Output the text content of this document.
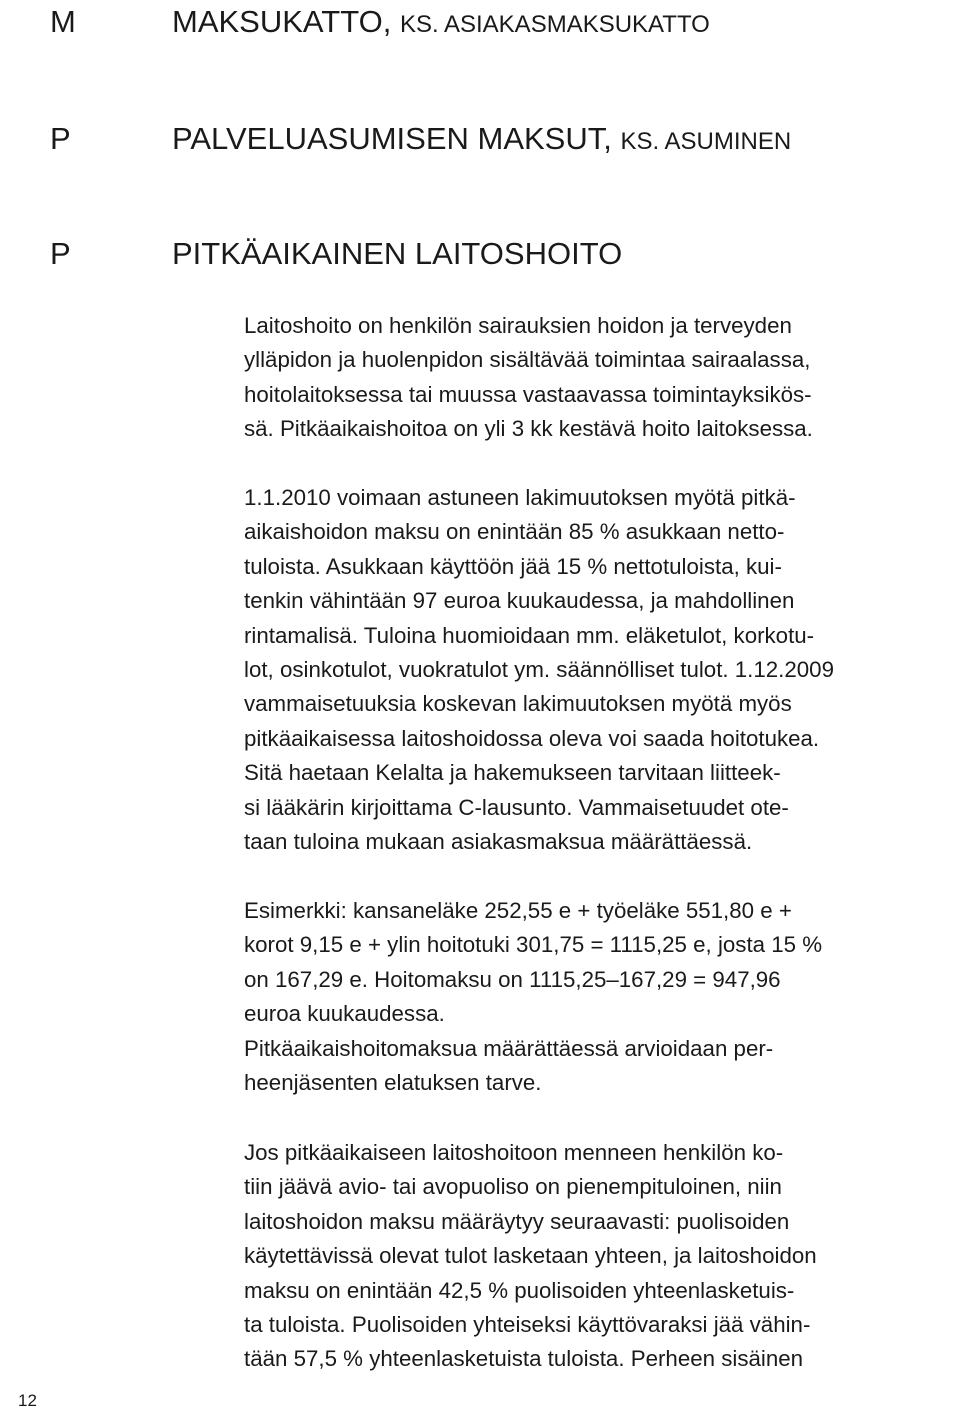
M
P
P
MAKSUKATTO, KS. ASIAKASMAKSUKATTO
PALVELUASUMISEN MAKSUT, KS. ASUMINEN
PITKÄAIKAINEN LAITOSHOITO
Laitoshoito on henkilön sairauksien hoidon ja terveyden
ylläpidon ja huolenpidon sisältävää toimintaa sairaalassa,
hoitolaitoksessa tai muussa vastaavassa toimintayksikös-
sä. Pitkäaikaishoitoa on yli 3 kk kestävä hoito laitoksessa.
1.1.2010 voimaan astuneen lakimuutoksen myötä pitkä-
aikaishoidon maksu on enintään 85 % asukkaan netto-
tuloista. Asukkaan käyttöön jää 15 % nettotuloista, kui-
tenkin vähintään 97 euroa kuukaudessa, ja mahdollinen
rintamalisä. Tuloina huomioidaan mm. eläketulot, korkotu-
lot, osinkotulot, vuokratulot ym. säännölliset tulot. 1.12.2009
vammaisetuuksia koskevan lakimuutoksen myötä myös
pitkäaikaisessa laitoshoidossa oleva voi saada hoitotukea.
Sitä haetaan Kelalta ja hakemukseen tarvitaan liitteek-
si lääkärin kirjoittama C-lausunto. Vammaisetuudet ote-
taan tuloina mukaan asiakasmaksua määrättäessä.
Esimerkki: kansaneläke 252,55 e + työeläke 551,80 e +
korot 9,15 e + ylin hoitotuki 301,75 = 1115,25 e, josta 15 %
on 167,29 e. Hoitomaksu on 1115,25–167,29 = 947,96
euroa kuukaudessa.
Pitkäaikaishoitomaksua määrättäessä arvioidaan per-
heenjäsenten elatuksen tarve.
Jos pitkäaikaiseen laitoshoitoon menneen henkilön ko-
tiin jäävä avio- tai avopuoliso on pienempituloinen, niin
laitoshoidon maksu määräytyy seuraavasti: puolisoiden
käytettävissä olevat tulot lasketaan yhteen, ja laitoshoidon
maksu on enintään 42,5 % puolisoiden yhteenlasketuis-
ta tuloista. Puolisoiden yhteiseksi käyttövaraksi jää vähin-
tään 57,5 % yhteenlasketuista tuloista. Perheen sisäinen
12
